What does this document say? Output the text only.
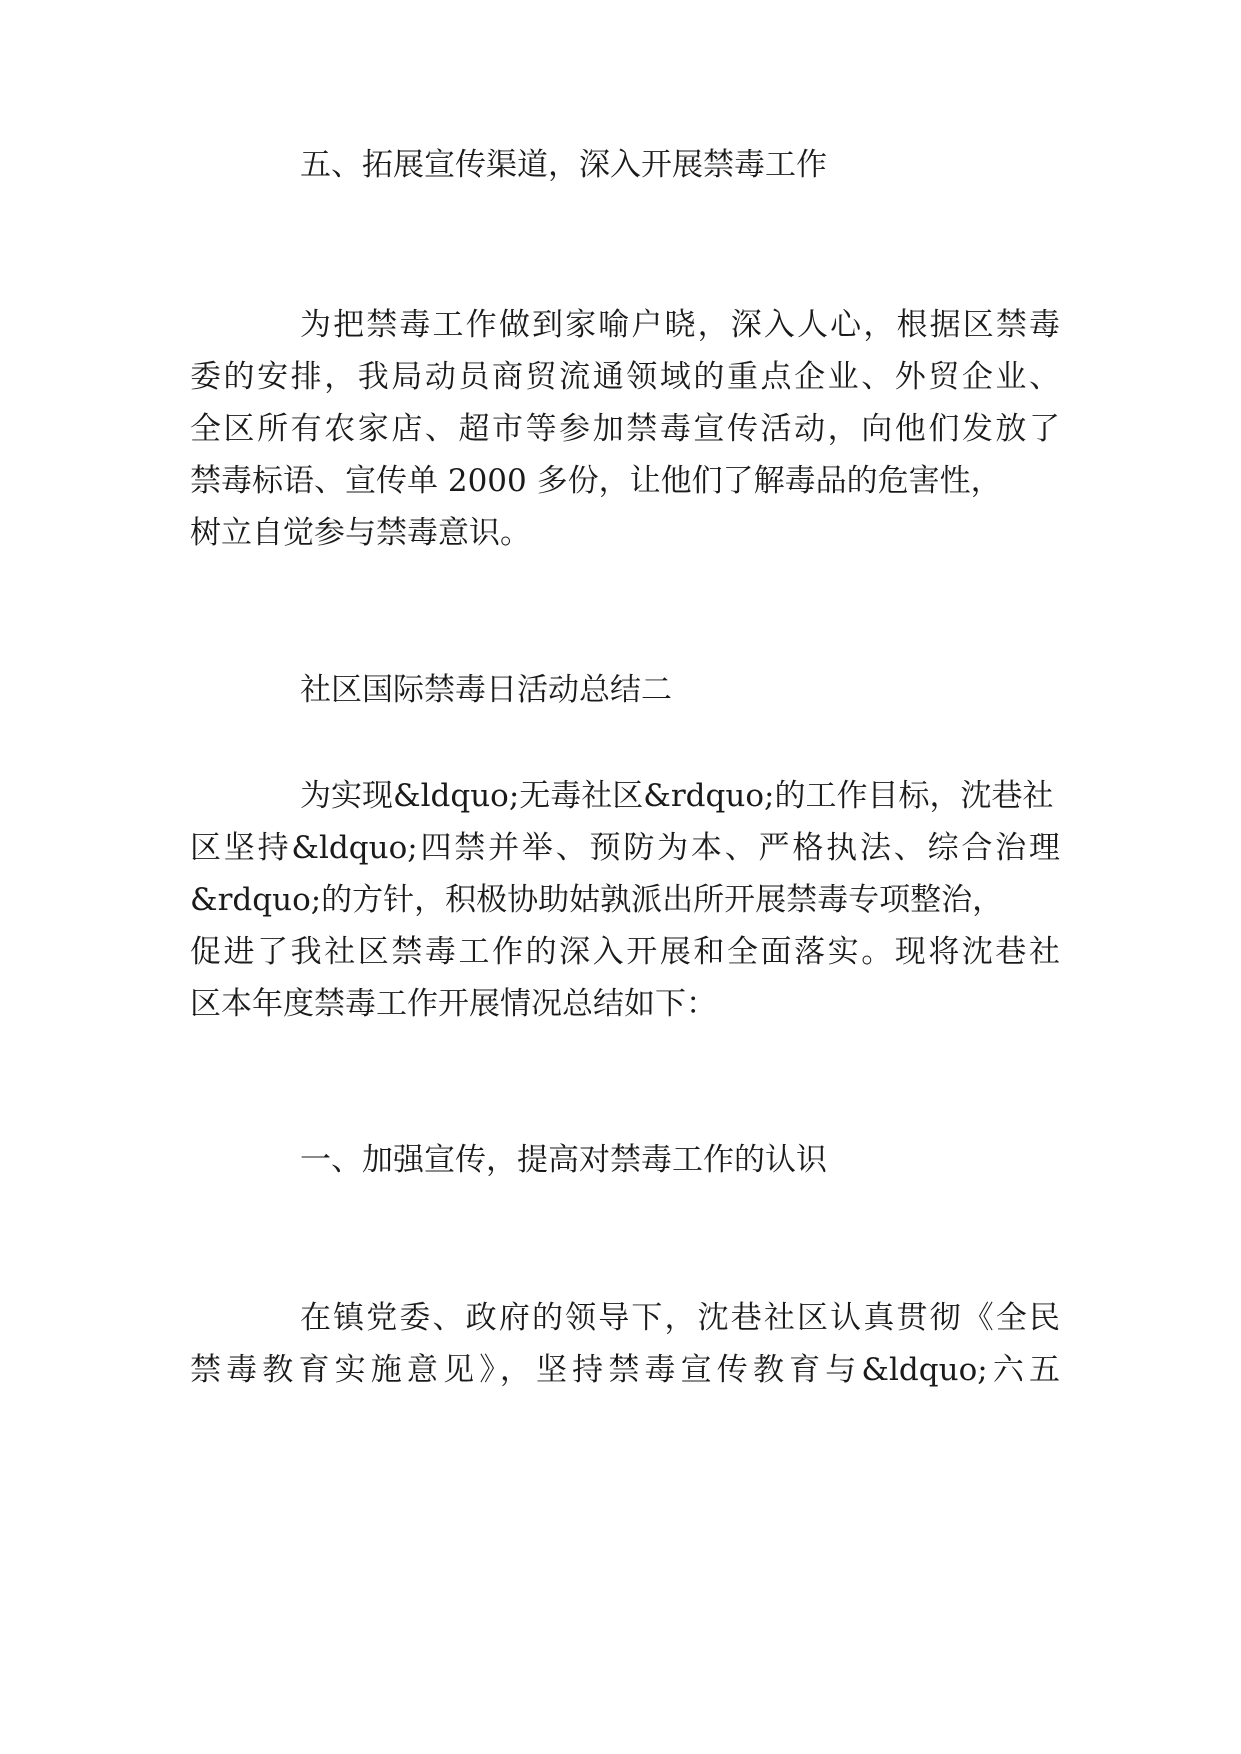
五、拓展宣传渠道，深入开展禁毒工作
为把禁毒工作做到家喻户晓，深入人心，根据区禁毒
委的安排，我局动员商贸流通领域的重点企业、外贸企业、
全区所有农家店、超市等参加禁毒宣传活动，向他们发放了
禁毒标语、宣传单 2000 多份，让他们了解毒品的危害性，
树立自觉参与禁毒意识。
社区国际禁毒日活动总结二
为实现&ldquo;无毒社区&rdquo;的工作目标，沈巷社
区坚持&ldquo;四禁并举、预防为本、严格执法、综合治理
&rdquo;的方针，积极协助姑孰派出所开展禁毒专项整治，
促进了我社区禁毒工作的深入开展和全面落实。现将沈巷社
区本年度禁毒工作开展情况总结如下：
一、加强宣传，提高对禁毒工作的认识
在镇党委、政府的领导下，沈巷社区认真贯彻《全民
禁毒教育实施意见》，坚持禁毒宣传教育与&ldquo;六五
